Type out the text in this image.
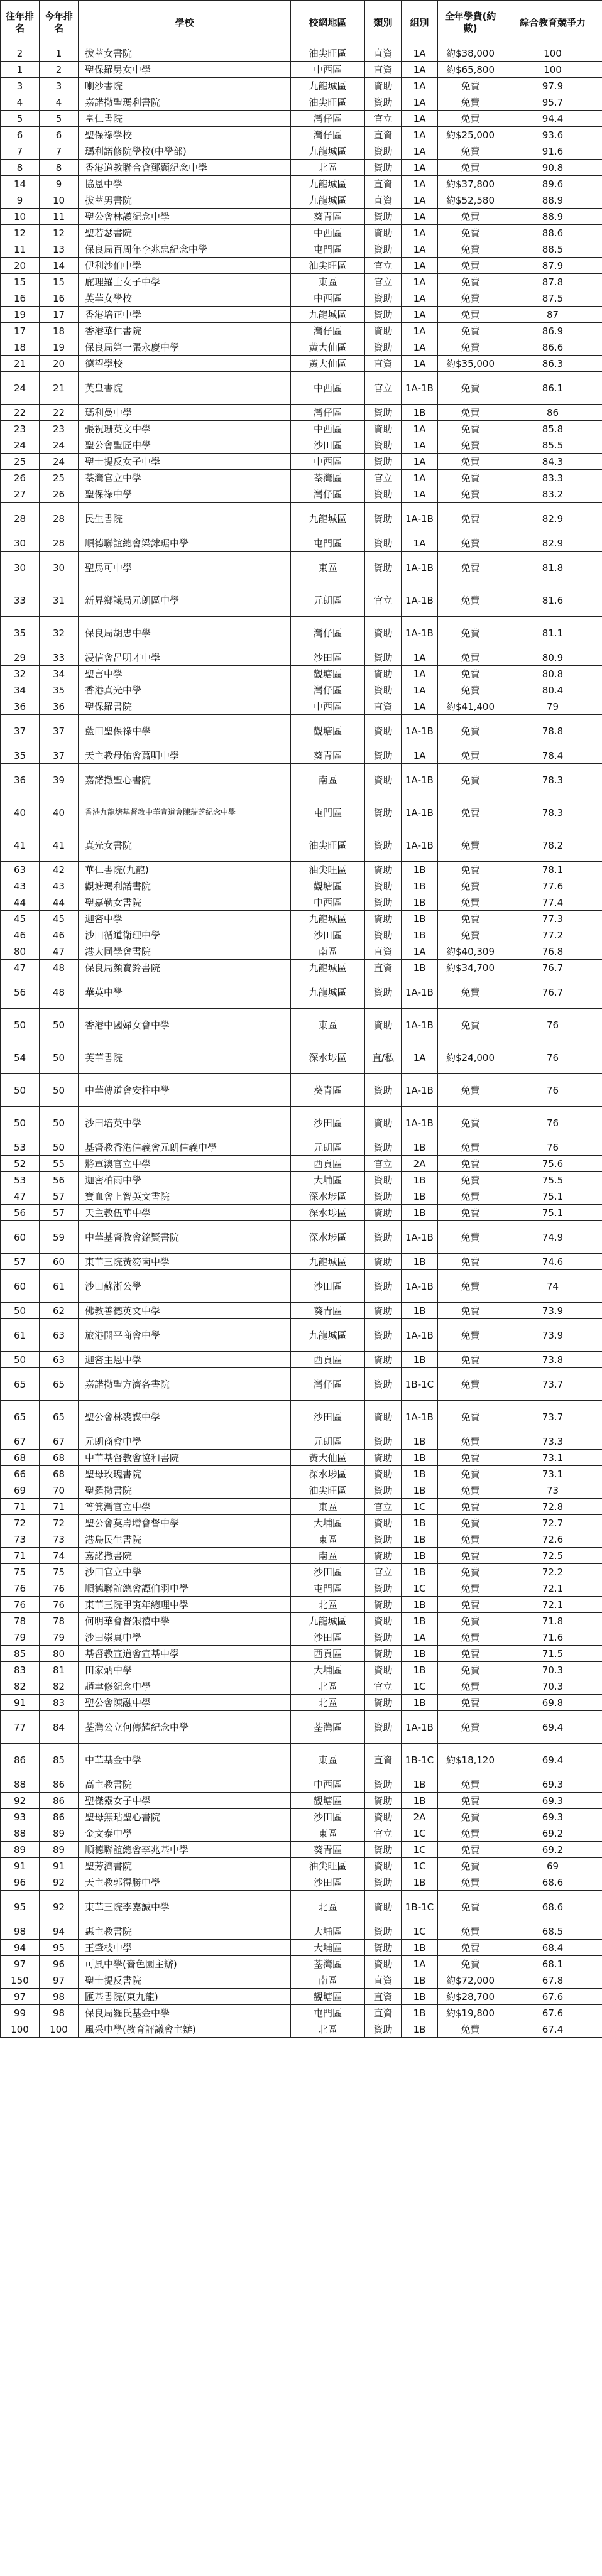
往年排名	今年排名	學校	校網地區	類別	組別	全年學費(約數)	綜合教育競爭力
2	1	拔萃女書院	油尖旺區	直資	1A	約$38,000	100
1	2	聖保羅男女中學	中西區	直資	1A	約$65,800	100
3	3	喇沙書院	九龍城區	資助	1A	免費	97.9
4	4	嘉諾撒聖瑪利書院	油尖旺區	資助	1A	免費	95.7
5	5	皇仁書院	灣仔區	官立	1A	免費	94.4
6	6	聖保祿學校	灣仔區	直資	1A	約$25,000	93.6
7	7	瑪利諾修院學校(中學部)	九龍城區	資助	1A	免費	91.6
8	8	香港道教聯合會鄧顯紀念中學	北區	資助	1A	免費	90.8
14	9	協恩中學	九龍城區	直資	1A	約$37,800	89.6
9	10	拔萃男書院	九龍城區	直資	1A	約$52,580	88.9
10	11	聖公會林護紀念中學	葵青區	資助	1A	免費	88.9
12	12	聖若瑟書院	中西區	資助	1A	免費	88.6
11	13	保良局百周年李兆忠紀念中學	屯門區	資助	1A	免費	88.5
20	14	伊利沙伯中學	油尖旺區	官立	1A	免費	87.9
15	15	庇理羅士女子中學	東區	官立	1A	免費	87.8
16	16	英華女學校	中西區	資助	1A	免費	87.5
19	17	香港培正中學	九龍城區	資助	1A	免費	87
17	18	香港華仁書院	灣仔區	資助	1A	免費	86.9
18	19	保良局第一張永慶中學	黃大仙區	資助	1A	免費	86.6
21	20	德望學校	黃大仙區	直資	1A	約$35,000	86.3
24	21	英皇書院	中西區	官立	1A-1B	免費	86.1
22	22	瑪利曼中學	灣仔區	資助	1B	免費	86
23	23	張祝珊英文中學	中西區	資助	1A	免費	85.8
24	24	聖公會聖匠中學	沙田區	資助	1A	免費	85.5
25	24	聖士提反女子中學	中西區	資助	1A	免費	84.3
26	25	荃灣官立中學	荃灣區	官立	1A	免費	83.3
27	26	聖保祿中學	灣仔區	資助	1A	免費	83.2
28	28	民生書院	九龍城區	資助	1A-1B	免費	82.9
30	28	順德聯誼總會梁銶琚中學	屯門區	資助	1A	免費	82.9
30	30	聖馬可中學	東區	資助	1A-1B	免費	81.8
33	31	新界鄉議局元朗區中學	元朗區	官立	1A-1B	免費	81.6
35	32	保良局胡忠中學	灣仔區	資助	1A-1B	免費	81.1
29	33	浸信會呂明才中學	沙田區	資助	1A	免費	80.9
32	34	聖言中學	觀塘區	資助	1A	免費	80.8
34	35	香港真光中學	灣仔區	資助	1A	免費	80.4
36	36	聖保羅書院	中西區	直資	1A	約$41,400	79
37	37	藍田聖保祿中學	觀塘區	資助	1A-1B	免費	78.8
35	37	天主教母佑會蕭明中學	葵青區	資助	1A	免費	78.4
36	39	嘉諾撒聖心書院	南區	資助	1A-1B	免費	78.3
40	40	香港九龍塘基督教中華宣道會陳瑞芝紀念中學	屯門區	資助	1A-1B	免費	78.3
41	41	真光女書院	油尖旺區	資助	1A-1B	免費	78.2
63	42	華仁書院(九龍)	油尖旺區	資助	1B	免費	78.1
43	43	觀塘瑪利諾書院	觀塘區	資助	1B	免費	77.6
44	44	聖嘉勒女書院	中西區	資助	1B	免費	77.4
45	45	迦密中學	九龍城區	資助	1B	免費	77.3
46	46	沙田循道衛理中學	沙田區	資助	1B	免費	77.2
80	47	港大同學會書院	南區	直資	1A	約$40,309	76.8
47	48	保良局顏寶鈴書院	九龍城區	直資	1B	約$34,700	76.7
56	48	華英中學	九龍城區	資助	1A-1B	免費	76.7
50	50	香港中國婦女會中學	東區	資助	1A-1B	免費	76
54	50	英華書院	深水埗區	直/私	1A	約$24,000	76
50	50	中華傳道會安柱中學	葵青區	資助	1A-1B	免費	76
50	50	沙田培英中學	沙田區	資助	1A-1B	免費	76
53	50	基督教香港信義會元朗信義中學	元朗區	資助	1B	免費	76
52	55	將軍澳官立中學	西貢區	官立	2A	免費	75.6
53	56	迦密柏雨中學	大埔區	資助	1B	免費	75.5
47	57	寶血會上智英文書院	深水埗區	資助	1B	免費	75.1
56	57	天主教伍華中學	深水埗區	資助	1B	免費	75.1
60	59	中華基督教會銘賢書院	深水埗區	資助	1A-1B	免費	74.9
57	60	東華三院黃笏南中學	九龍城區	資助	1B	免費	74.6
60	61	沙田蘇浙公學	沙田區	資助	1A-1B	免費	74
50	62	佛教善德英文中學	葵青區	資助	1B	免費	73.9
61	63	旅港開平商會中學	九龍城區	資助	1A-1B	免費	73.9
50	63	迦密主恩中學	西貢區	資助	1B	免費	73.8
65	65	嘉諾撒聖方濟各書院	灣仔區	資助	1B-1C	免費	73.7
65	65	聖公會林裘謀中學	沙田區	資助	1A-1B	免費	73.7
67	67	元朗商會中學	元朗區	資助	1B	免費	73.3
68	68	中華基督教會協和書院	黃大仙區	資助	1B	免費	73.1
66	68	聖母玫瑰書院	深水埗區	資助	1B	免費	73.1
69	70	聖羅撒書院	油尖旺區	資助	1B	免費	73
71	71	筲箕灣官立中學	東區	官立	1C	免費	72.8
72	72	聖公會莫壽增會督中學	大埔區	資助	1B	免費	72.7
73	73	港島民生書院	東區	資助	1B	免費	72.6
71	74	嘉諾撒書院	南區	資助	1B	免費	72.5
75	75	沙田官立中學	沙田區	官立	1B	免費	72.2
76	76	順德聯誼總會譚伯羽中學	屯門區	資助	1C	免費	72.1
76	76	東華三院甲寅年總理中學	北區	資助	1B	免費	72.1
78	78	何明華會督銀禧中學	九龍城區	資助	1B	免費	71.8
79	79	沙田崇真中學	沙田區	資助	1A	免費	71.6
85	80	基督教宣道會宣基中學	西貢區	資助	1B	免費	71.5
83	81	田家炳中學	大埔區	資助	1B	免費	70.3
82	82	趙聿修紀念中學	北區	官立	1C	免費	70.3
91	83	聖公會陳融中學	北區	資助	1B	免費	69.8
77	84	荃灣公立何傳耀紀念中學	荃灣區	資助	1A-1B	免費	69.4
86	85	中華基金中學	東區	直資	1B-1C	約$18,120	69.4
88	86	高主教書院	中西區	資助	1B	免費	69.3
92	86	聖傑靈女子中學	觀塘區	資助	1B	免費	69.3
93	86	聖母無玷聖心書院	沙田區	資助	2A	免費	69.3
88	89	金文泰中學	東區	官立	1C	免費	69.2
89	89	順德聯誼總會李兆基中學	葵青區	資助	1C	免費	69.2
91	91	聖芳濟書院	油尖旺區	資助	1C	免費	69
96	92	天主教郭得勝中學	沙田區	資助	1B	免費	68.6
95	92	東華三院李嘉誠中學	北區	資助	1B-1C	免費	68.6
98	94	惠主教書院	大埔區	資助	1C	免費	68.5
94	95	王肇枝中學	大埔區	資助	1B	免費	68.4
97	96	可風中學(嗇色園主辦)	荃灣區	資助	1A	免費	68.1
150	97	聖士提反書院	南區	直資	1B	約$72,000	67.8
97	98	匯基書院(東九龍)	觀塘區	直資	1B	約$28,700	67.6
99	98	保良局羅氏基金中學	屯門區	直資	1B	約$19,800	67.6
100	100	風采中學(教育評議會主辦)	北區	資助	1B	免費	67.4
